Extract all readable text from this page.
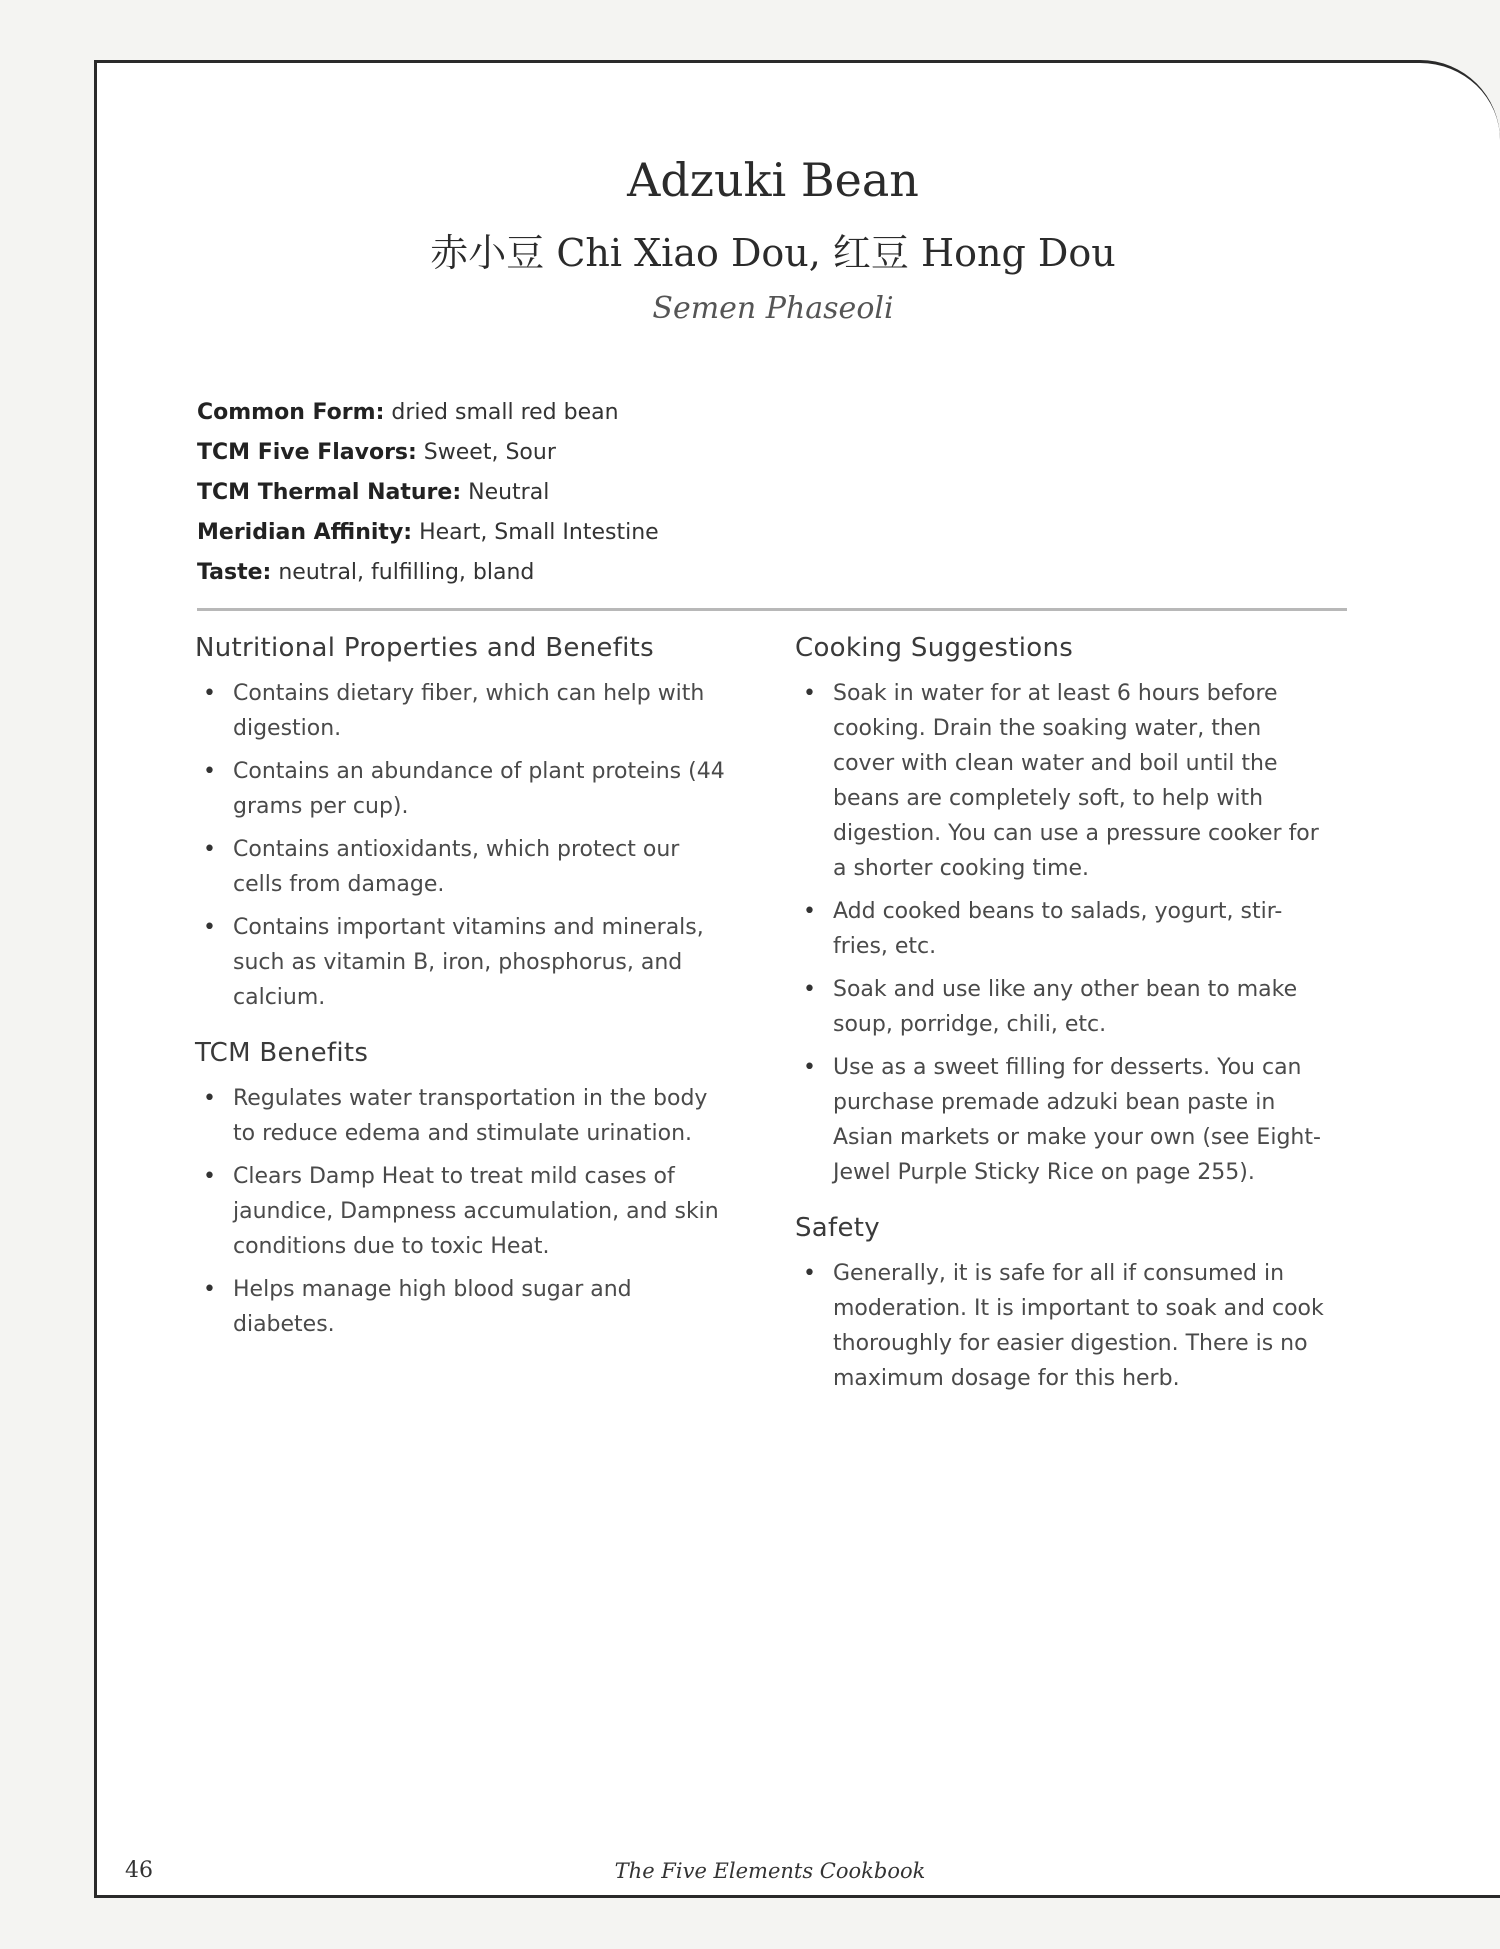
Adzuki Bean
赤小豆 Chi Xiao Dou, 红豆 Hong Dou
Semen Phaseoli
Common Form: dried small red bean
TCM Five Flavors: Sweet, Sour
TCM Thermal Nature: Neutral
Meridian Affinity: Heart, Small Intestine
Taste: neutral, fulfilling, bland
Nutritional Properties and Benefits
• Contains dietary fiber, which can help with digestion.
• Contains an abundance of plant proteins (44 grams per cup).
• Contains antioxidants, which protect our cells from damage.
• Contains important vitamins and minerals, such as vitamin B, iron, phosphorus, and calcium.
TCM Benefits
• Regulates water transportation in the body to reduce edema and stimulate urination.
• Clears Damp Heat to treat mild cases of jaundice, Dampness accumulation, and skin conditions due to toxic Heat.
• Helps manage high blood sugar and diabetes.
Cooking Suggestions
• Soak in water for at least 6 hours before cooking. Drain the soaking water, then cover with clean water and boil until the beans are completely soft, to help with digestion. You can use a pressure cooker for a shorter cooking time.
• Add cooked beans to salads, yogurt, stir-fries, etc.
• Soak and use like any other bean to make soup, porridge, chili, etc.
• Use as a sweet filling for desserts. You can purchase premade adzuki bean paste in Asian markets or make your own (see Eight-Jewel Purple Sticky Rice on page 255).
Safety
• Generally, it is safe for all if consumed in moderation. It is important to soak and cook thoroughly for easier digestion. There is no maximum dosage for this herb.
46	The Five Elements Cookbook
